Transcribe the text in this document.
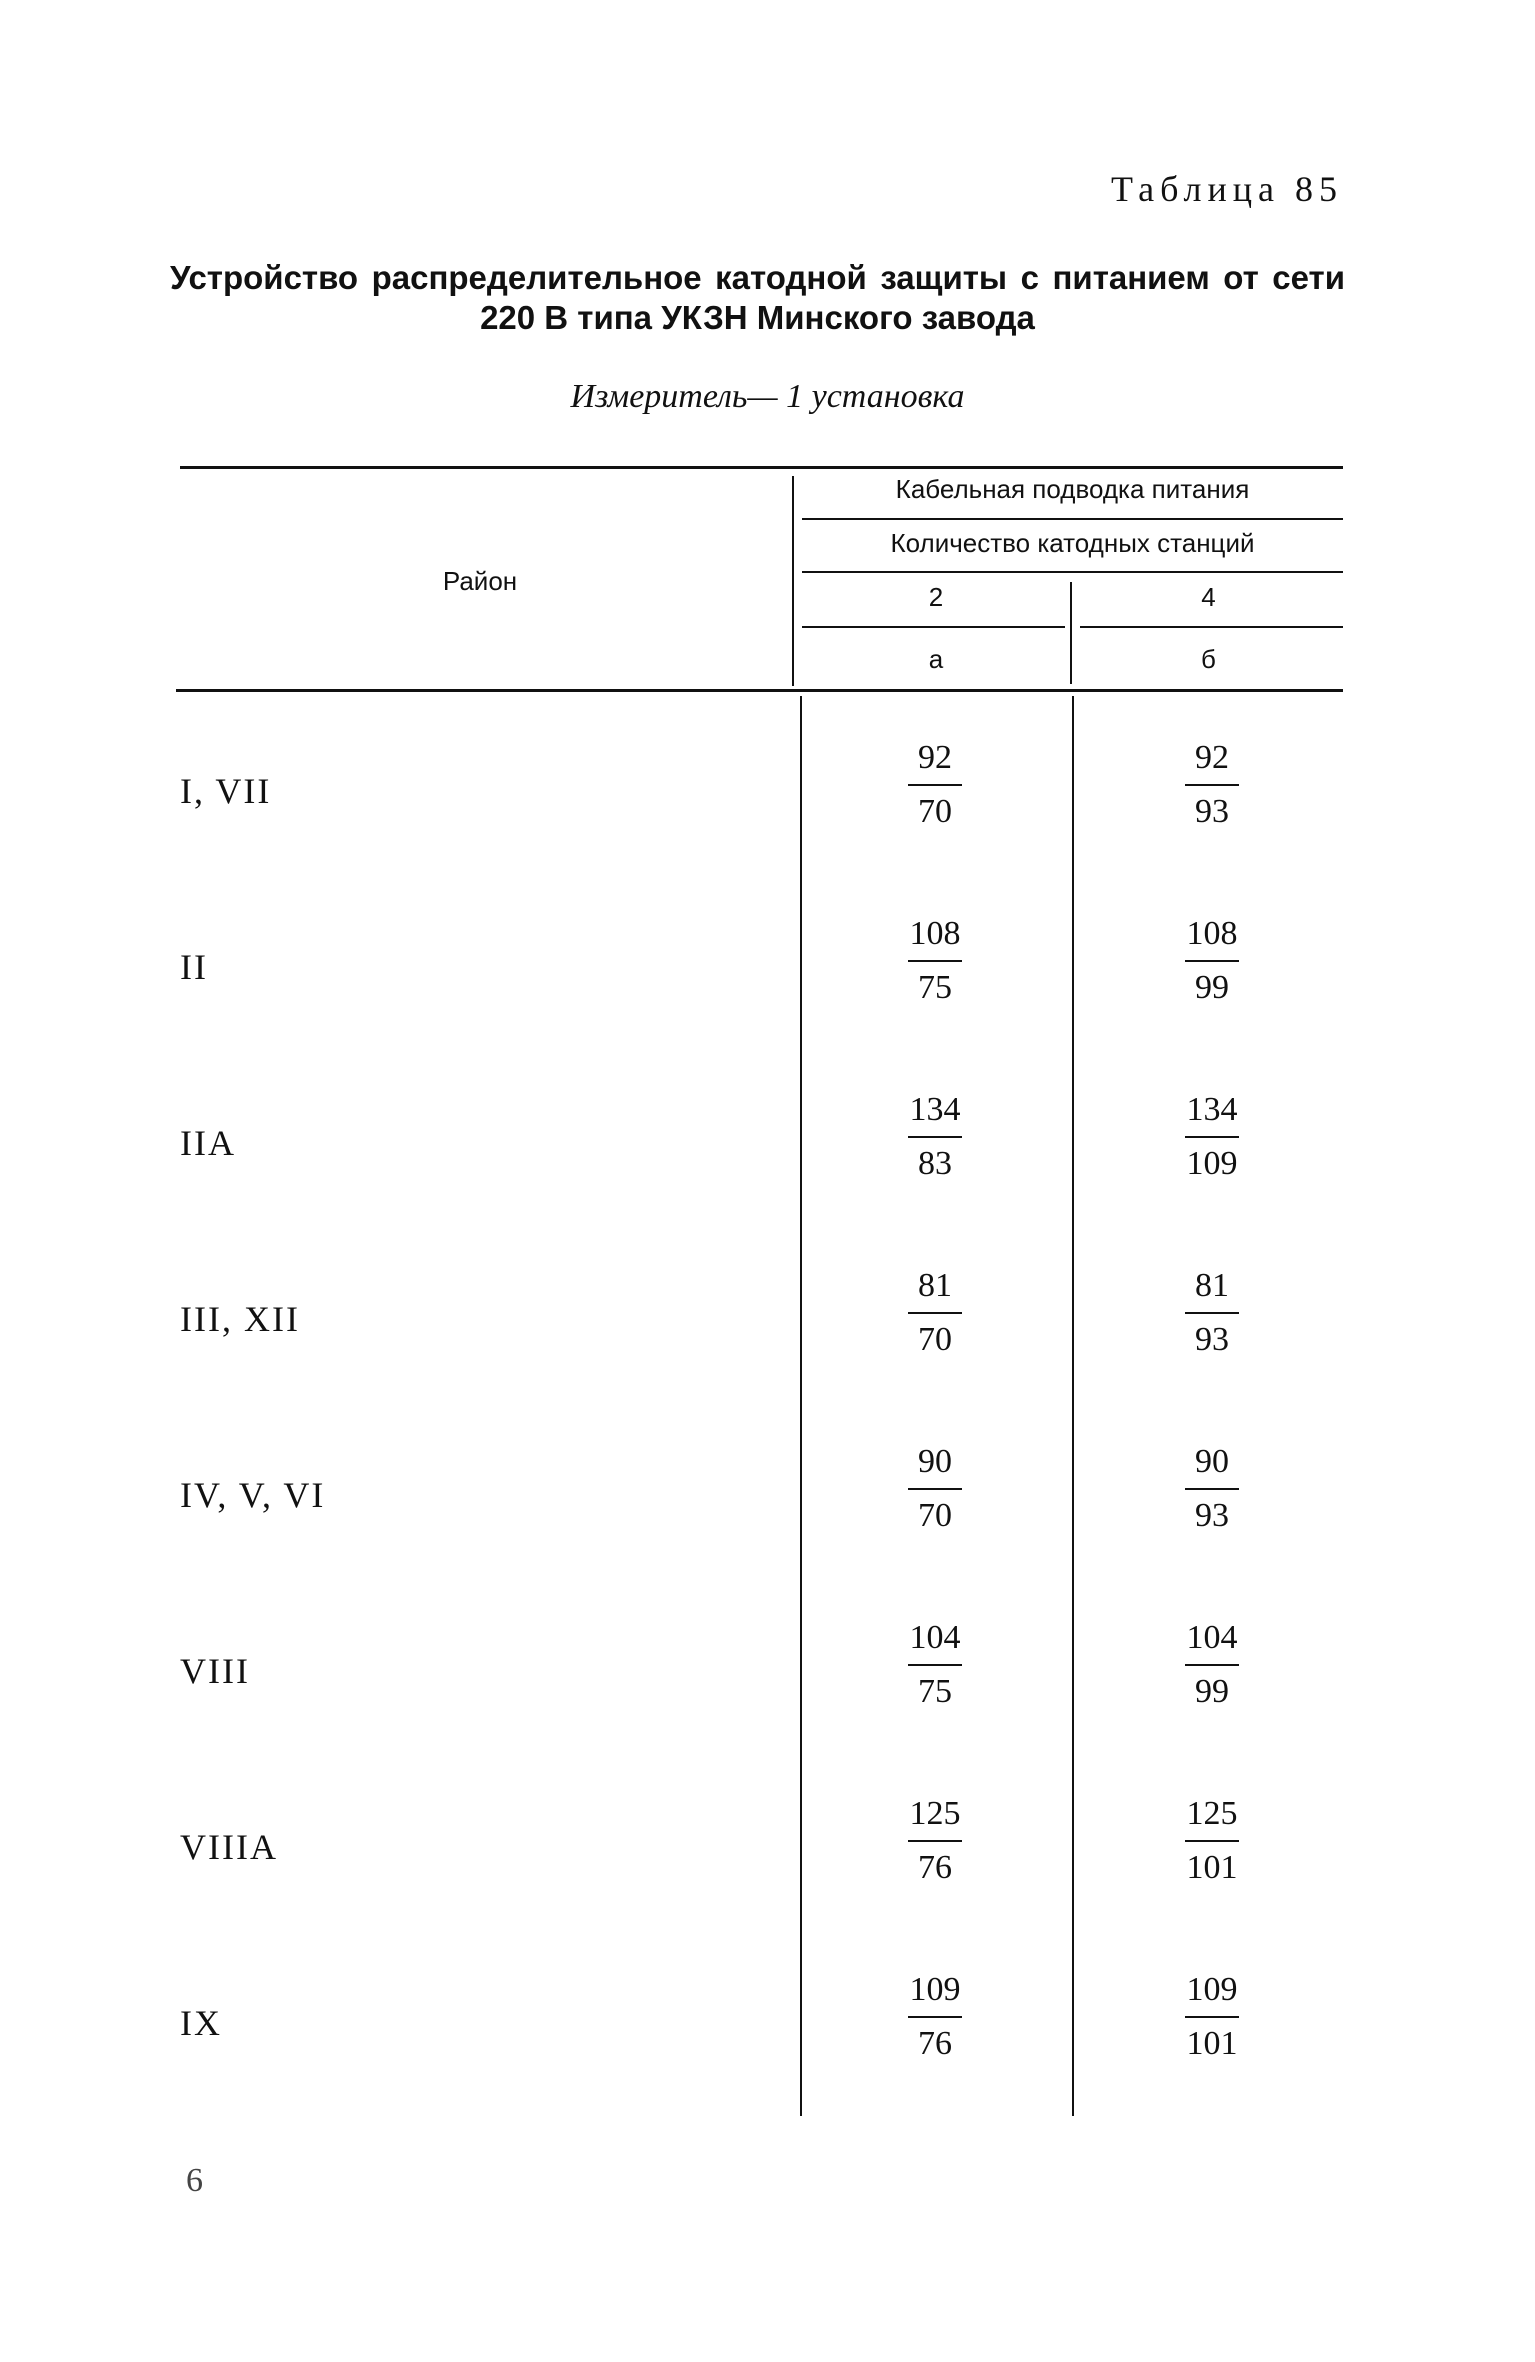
Таблица 85
Устройство распределительное катодной защиты с питанием от сети
220 В типа УКЗН Минского завода
Измеритель— 1 установка
Район
Кабельная подводка питания
Количество катодных станций
2	4
а	б
I, VII
92
70
92
93
II
108
75
108
99
IIА
134
83
134
109
III, XII
81
70
81
93
IV, V, VI
90
70
90
93
VIII
104
75
104
99
VIIIА
125
76
125
101
IX
109
76
109
101
6
